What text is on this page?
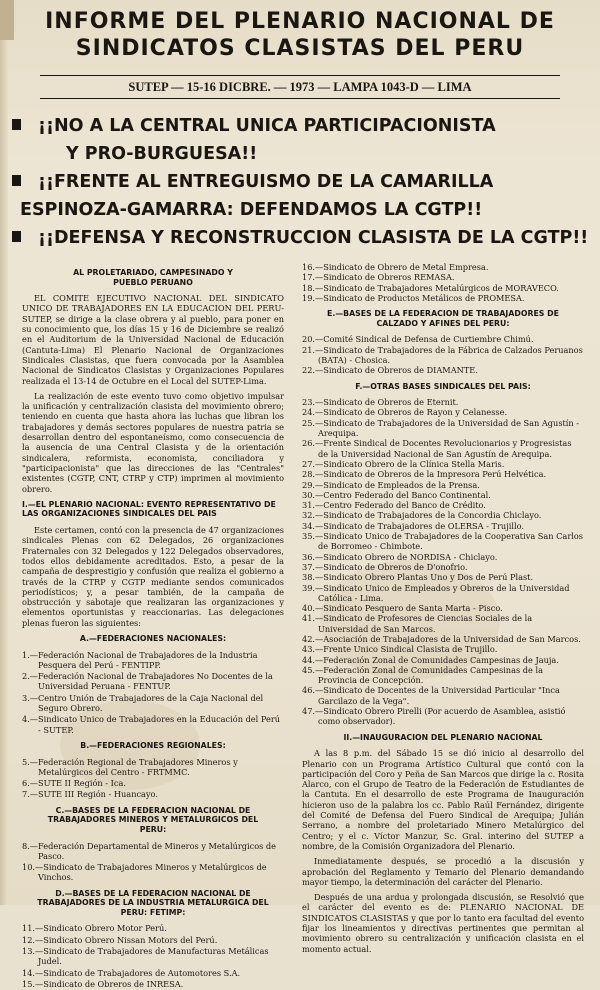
INFORME DEL PLENARIO NACIONAL DE
SINDICATOS CLASISTAS DEL PERU
SUTEP — 15-16 DICBRE. — 1973 — LAMPA 1043-D — LIMA
¡¡NO A LA CENTRAL UNICA PARTICIPACIONISTA
Y PRO-BURGUESA!!
¡¡FRENTE AL ENTREGUISMO DE LA CAMARILLA
ESPINOZA-GAMARRA: DEFENDAMOS LA CGTP!!
¡¡DEFENSA Y RECONSTRUCCION CLASISTA DE LA CGTP!!
AL PROLETARIADO, CAMPESINADO Y PUEBLO PERUANO

EL COMITE EJECUTIVO NACIONAL DEL SINDICATO UNICO DE TRABAJADORES EN LA EDUCACION DEL PERU-SUTEP, se dirige a la clase obrera y al pueblo, para poner en su conocimiento que, los días 15 y 16 de Diciembre se realizó en el Auditorium de la Universidad Nacional de Educación (Cantuta-Lima) El Plenario Nacional de Organizaciones Sindicales Clasistas, que fuera convocada por la Asamblea Nacional de Sindicatos Clasistas y Organizaciones Populares realizada el 13-14 de Octubre en el Local del SUTEP-Lima.

La realización de este evento tuvo como objetivo impulsar la unificación y centralización clasista del movimiento obrero; teniendo en cuenta que hasta ahora las luchas que libran los trabajadores y demás sectores populares de nuestra patria se desarrollan dentro del espontaneísmo, como consecuencia de la ausencia de una Central Clasista y de la orientación sindicalera, reformista, economista, conciliadora y "participacionista" que las direcciones de las "Centrales" existentes (CGTP, CNT, CTRP y CTP) imprimen al movimiento obrero.

I.—EL PLENARIO NACIONAL: EVENTO REPRESENTATIVO DE LAS ORGANIZACIONES SINDICALES DEL PAIS

Este certamen, contó con la presencia de 47 organizaciones sindicales Plenas con 62 Delegados, 26 organizaciones Fraternales con 32 Delegados y 122 Delegados observadores, todos ellos debidamente acreditados. Esto, a pesar de la campaña de desprestigio y confusión que realiza el gobierno a través de la CTRP y CGTP mediante sendos comunicados periodísticos; y, a pesar también, de la campaña de obstrucción y sabotaje que realizaran las organizaciones y elementos oportunistas y reaccionarias. Las delegaciones plenas fueron las siguientes:

A.—FEDERACIONES NACIONALES:
1.—Federación Nacional de Trabajadores de la Industria Pesquera del Perú - FENTIPP.
2.—Federación Nacional de Trabajadores No Docentes de la Universidad Peruana - FENTUP.
3.—Centro Unión de Trabajadores de la Caja Nacional del Seguro Obrero.
4.—Sindicato Unico de Trabajadores en la Educación del Perú - SUTEP.
B.—FEDERACIONES REGIONALES:
5.—Federación Regional de Trabajadores Mineros y Metalúrgicos del Centro - FRTMMC.
6.—SUTE II Región - Ica.
7.—SUTE III Región - Huancayo.
C.—BASES DE LA FEDERACION NACIONAL DE TRABAJADORES MINEROS Y METALURGICOS DEL PERU:
8.—Federación Departamental de Mineros y Metalúrgicos de Pasco.
10.—Sindicato de Trabajadores Mineros y Metalúrgicos de Vinchos.
D.—BASES DE LA FEDERACION NACIONAL DE TRABAJADORES DE LA INDUSTRIA METALURGICA DEL PERU: FETIMP:
11.—Sindicato Obrero Motor Perú.
12.—Sindicato Obrero Nissan Motors del Perú.
13.—Sindicato de Trabajadores de Manufacturas Metálicas Judel.
14.—Sindicato de Trabajadores de Automotores S.A.
15.—Sindicato de Obreros de INRESA.
16.—Sindicato de Obrero de Metal Empresa.
17.—Sindicato de Obreros REMASA.
18.—Sindicato de Trabajadores Metalúrgicos de MORAVECO.
19.—Sindicato de Productos Metálicos de PROMESA.
E.—BASES DE LA FEDERACION DE TRABAJADORES DE CALZADO Y AFINES DEL PERU:
20.—Comité Sindical de Defensa de Curtiembre Chimú.
21.—Sindicato de Trabajadores de la Fábrica de Calzados Peruanos (BATA) - Chosica.
22.—Sindicato de Obreros de DIAMANTE.
F.—OTRAS BASES SINDICALES DEL PAIS:
23.—Sindicato de Obreros de Eternit.
24.—Sindicato de Obreros de Rayon y Celanesse.
25.—Sindicato de Trabajadores de la Universidad de San Agustín - Arequipa.
26.—Frente Sindical de Docentes Revolucionarios y Progresistas de la Universidad Nacional de San Agustín de Arequipa.
27.—Sindicato Obrero de la Clínica Stella Maris.
28.—Sindicato de Obreros de la Impresora Perú Helvética.
29.—Sindicato de Empleados de la Prensa.
30.—Centro Federado del Banco Continental.
31.—Centro Federado del Banco de Crédito.
32.—Sindicato de Trabajadores de la Concordia Chiclayo.
34.—Sindicato de Trabajadores de OLERSA - Trujillo.
35.—Sindicato Unico de Trabajadores de la Cooperativa San Carlos de Borromeo - Chimbote.
36.—Sindicato Obrero de NORDISA - Chiclayo.
37.—Sindicato de Obreros de D'onofrio.
38.—Sindicato Obrero Plantas Uno y Dos de Perú Plast.
39.—Sindicato Unico de Empleados y Obreros de la Universidad Católica - Lima.
40.—Sindicato Pesquero de Santa Marta - Pisco.
41.—Sindicato de Profesores de Ciencias Sociales de la Universidad de San Marcos.
42.—Asociación de Trabajadores de la Universidad de San Marcos.
43.—Frente Unico Sindical Clasista de Trujillo.
44.—Federación Zonal de Comunidades Campesinas de Jauja.
45.—Federación Zonal de Comunidades Campesinas de la Provincia de Concepción.
46.—Sindicato de Docentes de la Universidad Particular "Inca Garcilazo de la Vega".
47.—Sindicato Obrero Pirelli (Por acuerdo de Asamblea, asistió como observador).
II.—INAUGURACION DEL PLENARIO NACIONAL

A las 8 p.m. del Sábado 15 se dió inicio al desarrollo del Plenario con un Programa Artístico Cultural que contó con la participación del Coro y Peña de San Marcos que dirige la c. Rosita Alarco, con el Grupo de Teatro de la Federación de Estudiantes de la Cantuta. En el desarrollo de este Programa de Inauguración hicieron uso de la palabra los cc. Pablo Raúl Fernández, dirigente del Comité de Defensa del Fuero Sindical de Arequipa; Julián Serrano, a nombre del proletariado Minero Metalúrgico del Centro; y el c. Víctor Manzur, Sc. Gral. interino del SUTEP a nombre, de la Comisión Organizadora del Plenario.

Inmediatamente después, se procedió a la discusión y aprobación del Reglamento y Temario del Plenario demandando mayor tiempo, la determinación del carácter del Plenario.

Después de una ardua y prolongada discusión, se Resolvió que el carácter del evento es de: PLENARIO NACIONAL DE SINDICATOS CLASISTAS y que por lo tanto era facultad del evento fijar los lineamientos y directivas pertinentes que permitan al movimiento obrero su centralización y unificación clasista en el momento actual.
